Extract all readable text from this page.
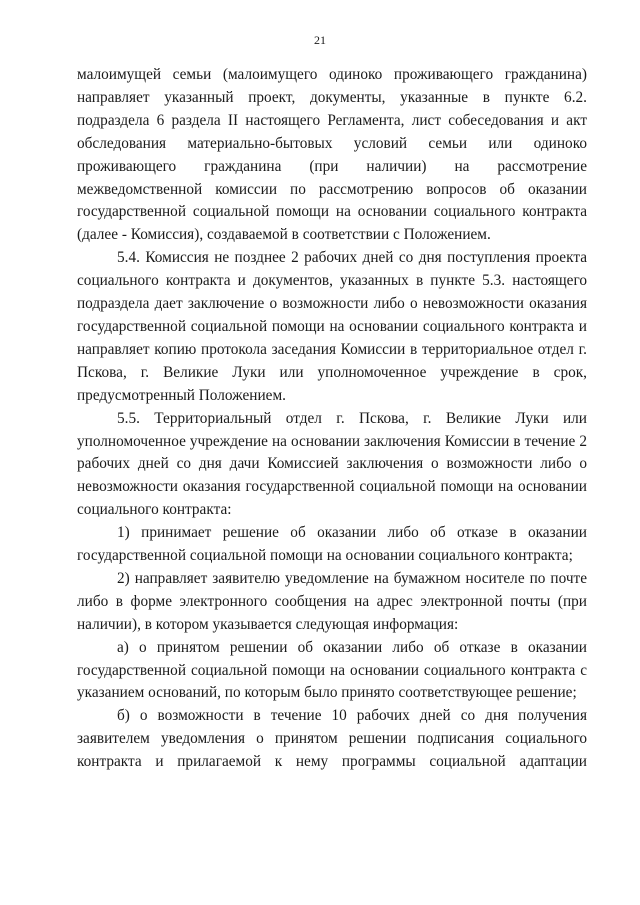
21

малоимущей семьи (малоимущего одиноко проживающего гражданина) направляет указанный проект, документы, указанные в пункте 6.2. подраздела 6 раздела II настоящего Регламента, лист собеседования и акт обследования материально-бытовых условий семьи или одиноко проживающего гражданина (при наличии) на рассмотрение межведомственной комиссии по рассмотрению вопросов об оказании государственной социальной помощи на основании социального контракта (далее - Комиссия), создаваемой в соответствии с Положением.

5.4. Комиссия не позднее 2 рабочих дней со дня поступления проекта социального контракта и документов, указанных в пункте 5.3. настоящего подраздела дает заключение о возможности либо о невозможности оказания государственной социальной помощи на основании социального контракта и направляет копию протокола заседания Комиссии в территориальное отдел г. Пскова, г. Великие Луки или уполномоченное учреждение в срок, предусмотренный Положением.

5.5. Территориальный отдел г. Пскова, г. Великие Луки или уполномоченное учреждение на основании заключения Комиссии в течение 2 рабочих дней со дня дачи Комиссией заключения о возможности либо о невозможности оказания государственной социальной помощи на основании социального контракта:

1) принимает решение об оказании либо об отказе в оказании государственной социальной помощи на основании социального контракта;

2) направляет заявителю уведомление на бумажном носителе по почте либо в форме электронного сообщения на адрес электронной почты (при наличии), в котором указывается следующая информация:

а) о принятом решении об оказании либо об отказе в оказании государственной социальной помощи на основании социального контракта с указанием оснований, по которым было принято соответствующее решение;

б) о возможности в течение 10 рабочих дней со дня получения заявителем уведомления о принятом решении подписания социального контракта и прилагаемой к нему программы социальной адаптации
